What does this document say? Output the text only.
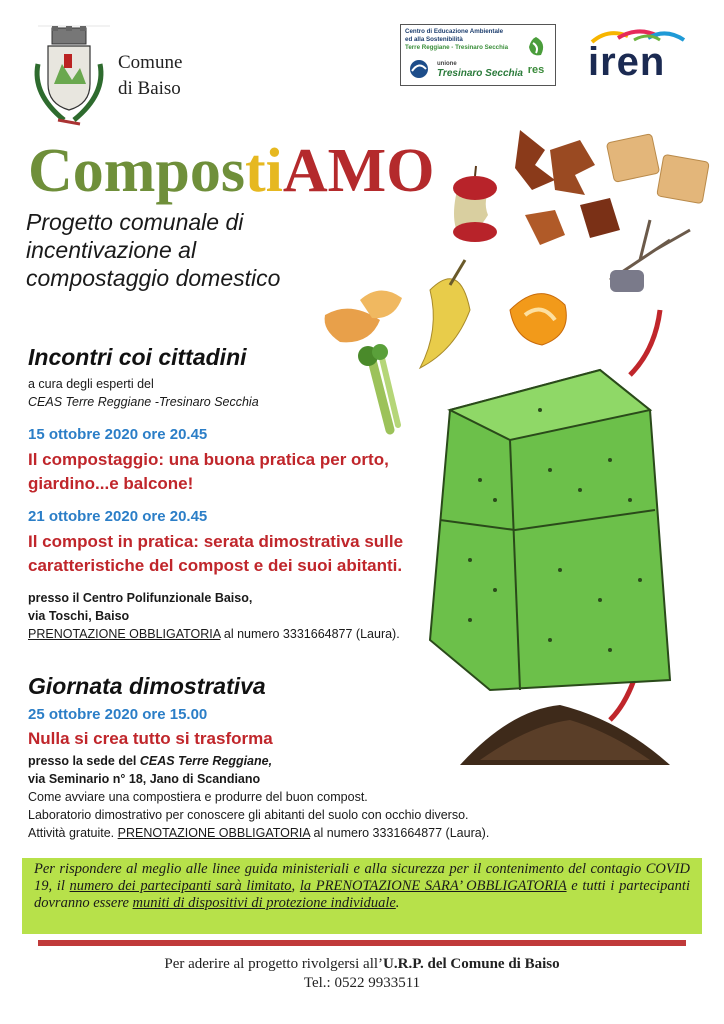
Comune
di Baiso
Centro di Educazione Ambientale
ed alla Sostenibilità
Terre Reggiane - Tresinaro Secchia
unione
Tresinaro Secchia res iren
CompostiAMO
Progetto comunale di
incentivazione al
compostaggio domestico
Incontri coi cittadini
a cura degli esperti del
CEAS Terre Reggiane -Tresinaro Secchia
15 ottobre 2020 ore 20.45
Il compostaggio: una buona pratica per orto,
giardino...e balcone!
21 ottobre 2020 ore 20.45
Il compost in pratica: serata dimostrativa sulle
caratteristiche del compost e dei suoi abitanti.
presso il Centro Polifunzionale Baiso,
via Toschi, Baiso
PRENOTAZIONE OBBLIGATORIA al numero 3331664877 (Laura).
Giornata dimostrativa
25 ottobre 2020 ore 15.00
Nulla si crea tutto si trasforma
presso la sede del CEAS Terre Reggiane,
via Seminario n° 18, Jano di Scandiano
Come avviare una compostiera e produrre del buon compost.
Laboratorio dimostrativo per conoscere gli abitanti del suolo con occhio diverso.
Attività gratuite. PRENOTAZIONE OBBLIGATORIA al numero 3331664877 (Laura).
Per rispondere al meglio alle linee guida ministeriali e alla sicurezza per il contenimento del contagio COVID 19, il numero dei partecipanti sarà limitato, la PRENOTAZIONE SARA’ OBBLIGATORIA e tutti i partecipanti dovranno essere muniti di dispositivi di protezione individuale.
Per aderire al progetto rivolgersi all’U.R.P. del Comune di Baiso
Tel.: 0522 9933511
